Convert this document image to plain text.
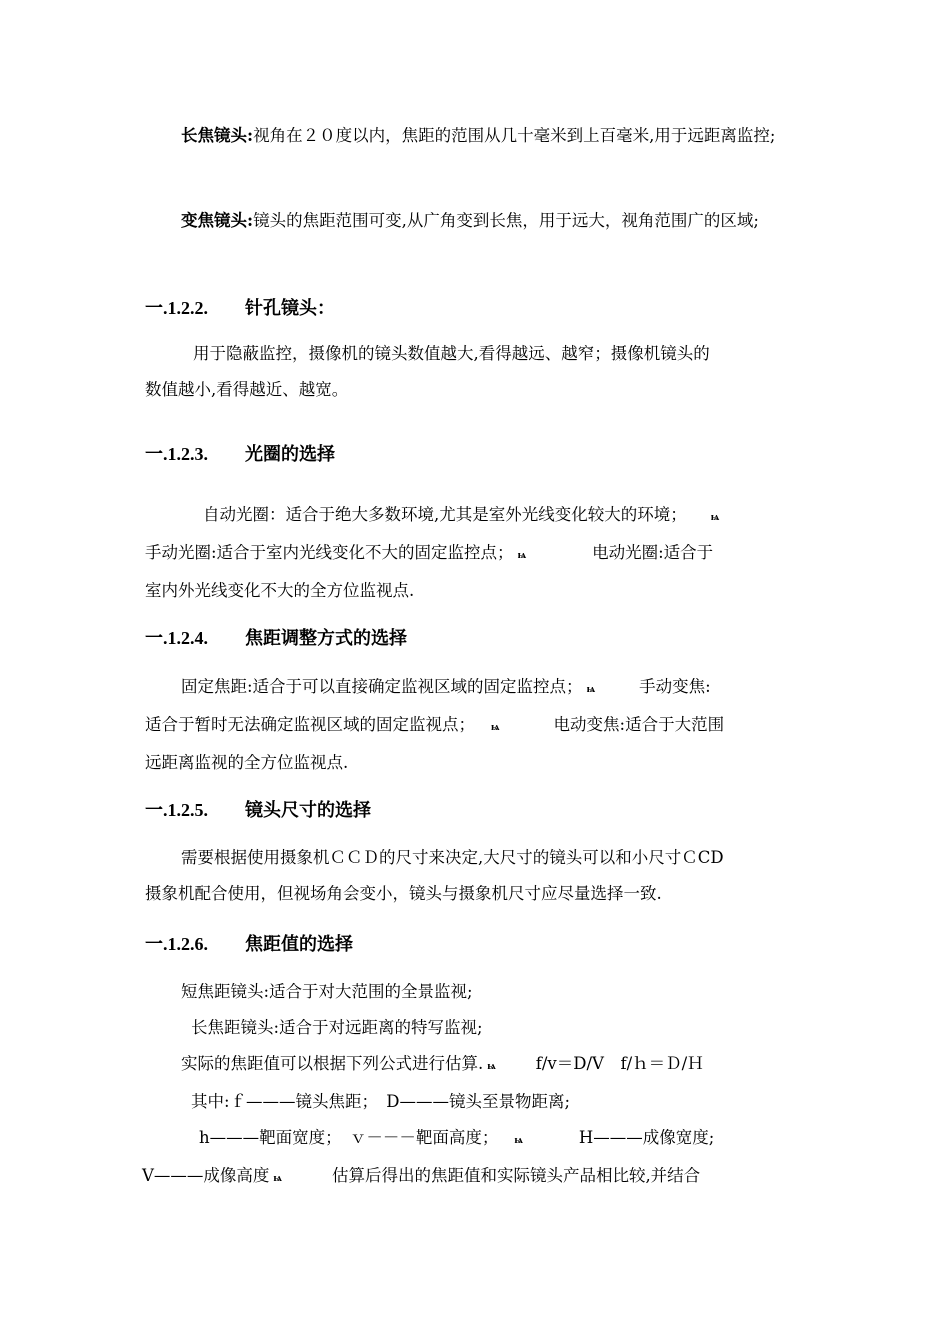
长焦镜头:视角在２０度以内，焦距的范围从几十毫米到上百毫米,用于远距离监控;

变焦镜头:镜头的焦距范围可变,从广角变到长焦，用于远大，视角范围广的区域;

一.1.2.2. 针孔镜头：

用于隐蔽监控，摄像机的镜头数值越大,看得越远、越窄；摄像机镜头的

数值越小,看得越近、越宽。

一.1.2.3. 光圈的选择

自动光圈：适合于绝大多数环境,尤其是室外光线变化较大的环境； ѩ

手动光圈:适合于室内光线变化不大的固定监控点； ѩ	电动光圈:适合于

室内外光线变化不大的全方位监视点.

一.1.2.4. 焦距调整方式的选择

固定焦距:适合于可以直接确定监视区域的固定监控点； ѩ	手动变焦:

适合于暂时无法确定监视区域的固定监视点； ѩ	电动变焦:适合于大范围

远距离监视的全方位监视点.

一.1.2.5. 镜头尺寸的选择

需要根据使用摄象机ＣＣＤ的尺寸来决定,大尺寸的镜头可以和小尺寸ＣCD

摄象机配合使用，但视场角会变小，镜头与摄象机尺寸应尽量选择一致.

一.1.2.6. 焦距值的选择

短焦距镜头:适合于对大范围的全景监视;

长焦距镜头:适合于对远距离的特写监视;

实际的焦距值可以根据下列公式进行估算. ѩ f/v＝D/V　f/ｈ＝Ｄ/Ｈ

其中:ｆ———镜头焦距；　D———镜头至景物距离;

h———靶面宽度；　ｖ－－－靶面高度； ѩ	H———成像宽度;

V———成像高度 ѩ	估算后得出的焦距值和实际镜头产品相比较,并结合
